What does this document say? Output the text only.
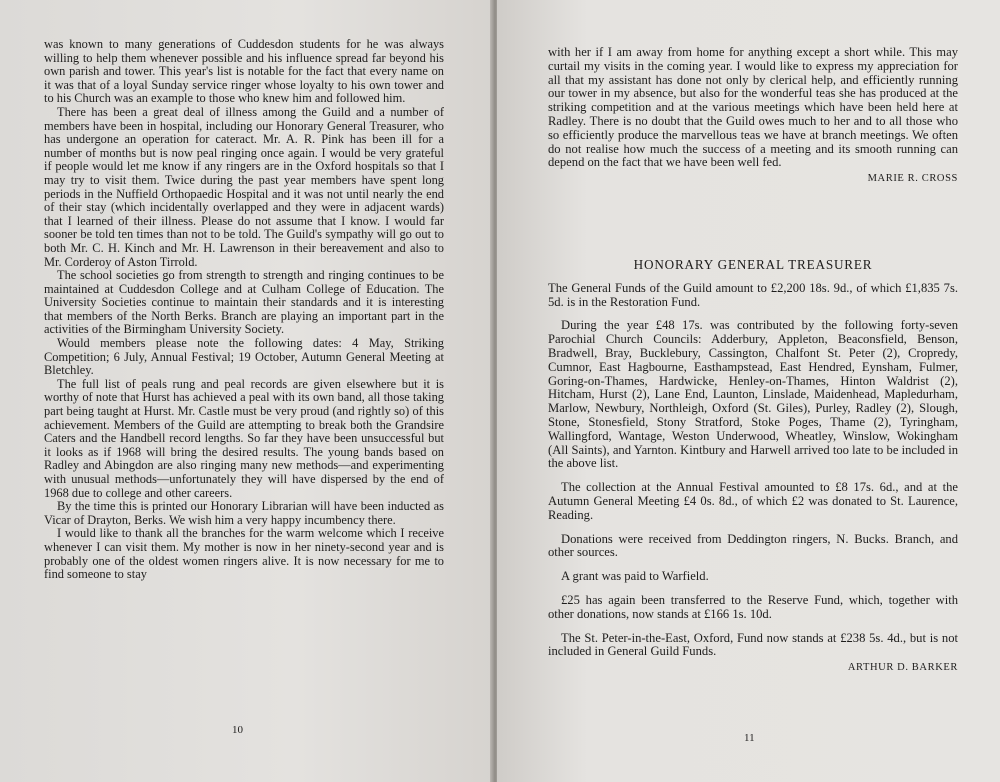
was known to many generations of Cuddesdon students for he was always willing to help them whenever possible and his influence spread far beyond his own parish and tower. This year's list is notable for the fact that every name on it was that of a loyal Sunday service ringer whose loyalty to his own tower and to his Church was an example to those who knew him and followed him.

There has been a great deal of illness among the Guild and a number of members have been in hospital, including our Honorary General Treasurer, who has undergone an operation for cateract. Mr. A. R. Pink has been ill for a number of months but is now peal ringing once again. I would be very grateful if people would let me know if any ringers are in the Oxford hospitals so that I may try to visit them. Twice during the past year members have spent long periods in the Nuffield Orthopaedic Hospital and it was not until nearly the end of their stay (which incidentally overlapped and they were in adjacent wards) that I learned of their illness. Please do not assume that I know. I would far sooner be told ten times than not to be told. The Guild's sympathy will go out to both Mr. C. H. Kinch and Mr. H. Lawrenson in their bereavement and also to Mr. Corderoy of Aston Tirrold.

The school societies go from strength to strength and ringing continues to be maintained at Cuddesdon College and at Culham College of Education. The University Societies continue to maintain their standards and it is interesting that members of the North Berks. Branch are playing an important part in the activities of the Birmingham University Society.

Would members please note the following dates: 4 May, Striking Competition; 6 July, Annual Festival; 19 October, Autumn General Meeting at Bletchley.

The full list of peals rung and peal records are given elsewhere but it is worthy of note that Hurst has achieved a peal with its own band, all those taking part being taught at Hurst. Mr. Castle must be very proud (and rightly so) of this achievement. Members of the Guild are attempting to break both the Grandsire Caters and the Handbell record lengths. So far they have been unsuccessful but it looks as if 1968 will bring the desired results. The young bands based on Radley and Abingdon are also ringing many new methods—and experimenting with unusual methods—unfortunately they will have dispersed by the end of 1968 due to college and other careers.

By the time this is printed our Honorary Librarian will have been inducted as Vicar of Drayton, Berks. We wish him a very happy incumbency there.

I would like to thank all the branches for the warm welcome which I receive whenever I can visit them. My mother is now in her ninety-second year and is probably one of the oldest women ringers alive. It is now necessary for me to find someone to stay

10

with her if I am away from home for anything except a short while. This may curtail my visits in the coming year. I would like to express my appreciation for all that my assistant has done not only by clerical help, and efficiently running our tower in my absence, but also for the wonderful teas she has produced at the striking competition and at the various meetings which have been held here at Radley. There is no doubt that the Guild owes much to her and to all those who so efficiently produce the marvellous teas we have at branch meetings. We often do not realise how much the success of a meeting and its smooth running can depend on the fact that we have been well fed.

MARIE R. CROSS
HONORARY GENERAL TREASURER

The General Funds of the Guild amount to £2,200 18s. 9d., of which £1,835 7s. 5d. is in the Restoration Fund.

During the year £48 17s. was contributed by the following forty-seven Parochial Church Councils: Adderbury, Appleton, Beaconsfield, Benson, Bradwell, Bray, Bucklebury, Cassington, Chalfont St. Peter (2), Cropredy, Cumnor, East Hagbourne, Easthampstead, East Hendred, Eynsham, Fulmer, Goring-on-Thames, Hardwicke, Henley-on-Thames, Hinton Waldrist (2), Hitcham, Hurst (2), Lane End, Launton, Linslade, Maidenhead, Mapledurham, Marlow, Newbury, Northleigh, Oxford (St. Giles), Purley, Radley (2), Slough, Stone, Stonesfield, Stony Stratford, Stoke Poges, Thame (2), Tyringham, Wallingford, Wantage, Weston Underwood, Wheatley, Winslow, Wokingham (All Saints), and Yarnton. Kintbury and Harwell arrived too late to be included in the above list.

The collection at the Annual Festival amounted to £8 17s. 6d., and at the Autumn General Meeting £4 0s. 8d., of which £2 was donated to St. Laurence, Reading.

Donations were received from Deddington ringers, N. Bucks. Branch, and other sources.

A grant was paid to Warfield.

£25 has again been transferred to the Reserve Fund, which, together with other donations, now stands at £166 1s. 10d.

The St. Peter-in-the-East, Oxford, Fund now stands at £238 5s. 4d., but is not included in General Guild Funds.

ARTHUR D. BARKER
11
